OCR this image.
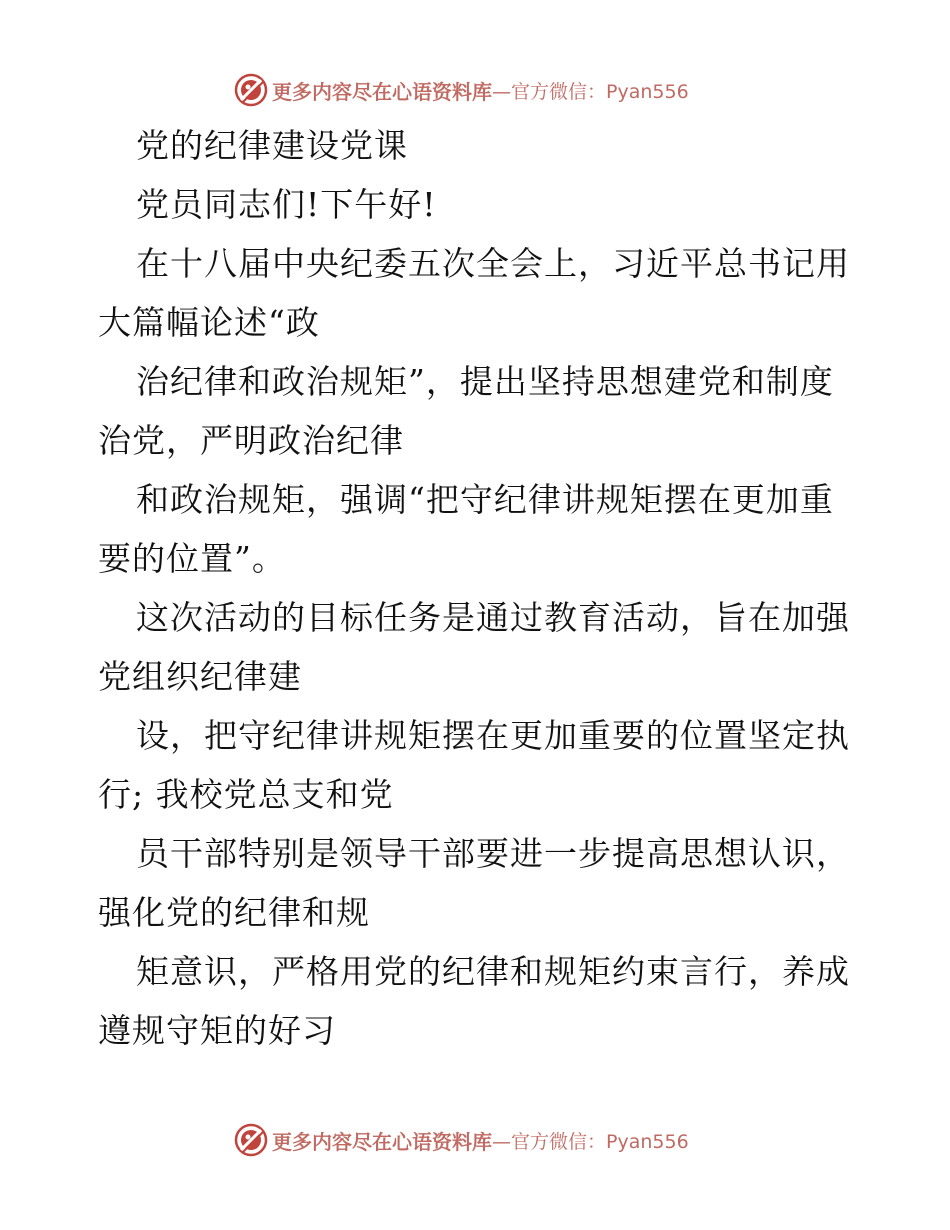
更多内容尽在心语资料库 —官方微信：Pyan556
党的纪律建设党课
党员同志们!下午好!
在十八届中央纪委五次全会上，习近平总书记用
大篇幅论述“政
治纪律和政治规矩”，提出坚持思想建党和制度
治党，严明政治纪律
和政治规矩，强调“把守纪律讲规矩摆在更加重
要的位置”。
这次活动的目标任务是通过教育活动，旨在加强
党组织纪律建
设，把守纪律讲规矩摆在更加重要的位置坚定执
行; 我校党总支和党
员干部特别是领导干部要进一步提高思想认识，
强化党的纪律和规
矩意识，严格用党的纪律和规矩约束言行，养成
遵规守矩的好习
更多内容尽在心语资料库 —官方微信：Pyan556
